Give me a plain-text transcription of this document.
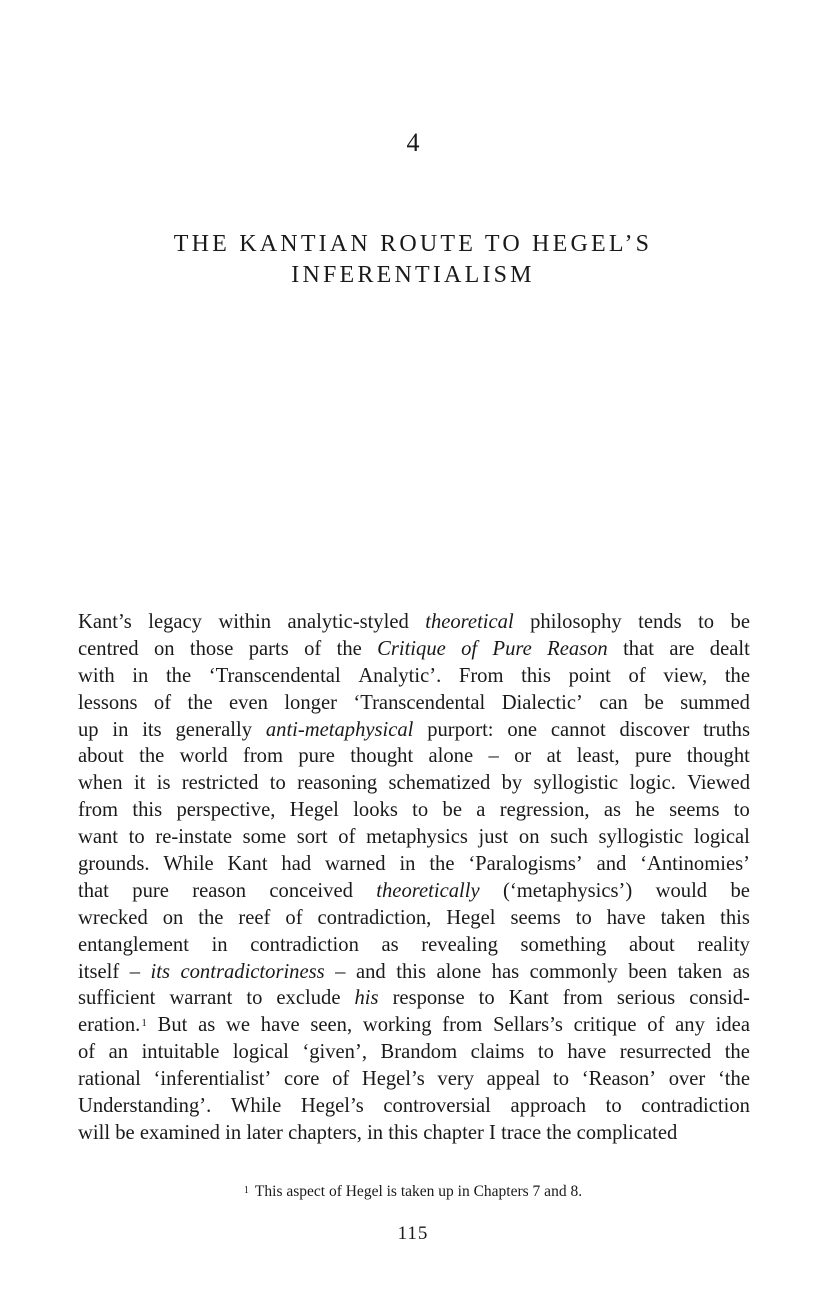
4
THE KANTIAN ROUTE TO HEGEL’S
INFERENTIALISM
Kant’s legacy within analytic-styled theoretical philosophy tends to be
centred on those parts of the Critique of Pure Reason that are dealt
with in the ‘Transcendental Analytic’. From this point of view, the
lessons of the even longer ‘Transcendental Dialectic’ can be summed
up in its generally anti-metaphysical purport: one cannot discover truths
about the world from pure thought alone – or at least, pure thought
when it is restricted to reasoning schematized by syllogistic logic. Viewed
from this perspective, Hegel looks to be a regression, as he seems to
want to re-instate some sort of metaphysics just on such syllogistic logical
grounds. While Kant had warned in the ‘Paralogisms’ and ‘Antinomies’
that pure reason conceived theoretically (‘metaphysics’) would be
wrecked on the reef of contradiction, Hegel seems to have taken this
entanglement in contradiction as revealing something about reality
itself – its contradictoriness – and this alone has commonly been taken as
sufficient warrant to exclude his response to Kant from serious consid-
eration.$^1$ But as we have seen, working from Sellars’s critique of any idea
of an intuitable logical ‘given’, Brandom claims to have resurrected the
rational ‘inferentialist’ core of Hegel’s very appeal to ‘Reason’ over ‘the
Understanding’. While Hegel’s controversial approach to contradiction
will be examined in later chapters, in this chapter I trace the complicated
$^1$ This aspect of Hegel is taken up in Chapters 7 and 8.
115
